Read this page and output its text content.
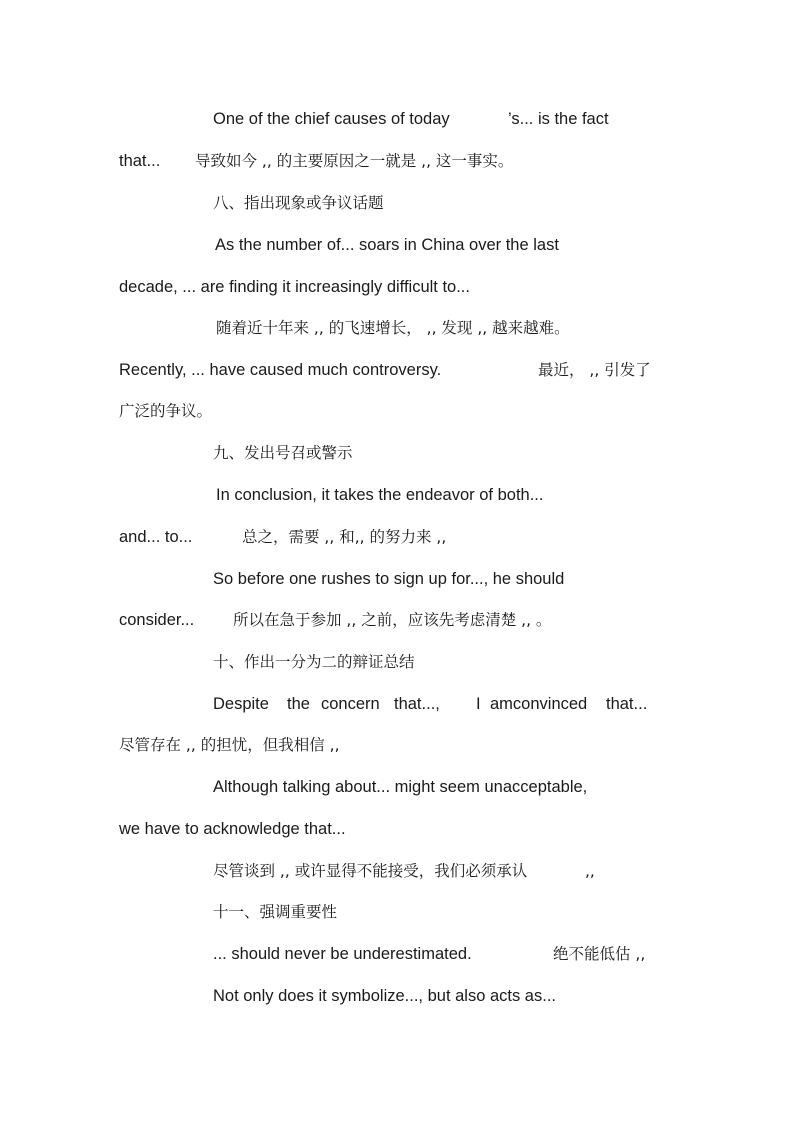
One of the chief causes of today	’s... is the fact
that... 导致如今 ,, 的主要原因之一就是 ,, 这一事实。
八、指出现象或争议话题
As the number of... soars in China over the last
decade, ... are finding it increasingly difficult to...
随着近十年来 ,, 的飞速增长， ,, 发现 ,, 越来越难。
Recently, ... have caused much controversy.	最近， ,, 引发了
广泛的争议。
九、发出号召或警示
In conclusion, it takes the endeavor of both...
and... to...	总之，需要 ,, 和,, 的努力来 ,,
So before one rushes to sign up for..., he should
consider...	所以在急于参加 ,, 之前，应该先考虑清楚 ,, 。
十、作出一分为二的辩证总结
Despite the concern that..., I amconvinced that...
尽管存在 ,, 的担忧，但我相信 ,,
Although talking about... might seem unacceptable,
we have to acknowledge that...
尽管谈到 ,, 或许显得不能接受，我们必须承认	,,
十一、强调重要性
... should never be underestimated.	绝不能低估 ,,
Not only does it symbolize..., but also acts as...
